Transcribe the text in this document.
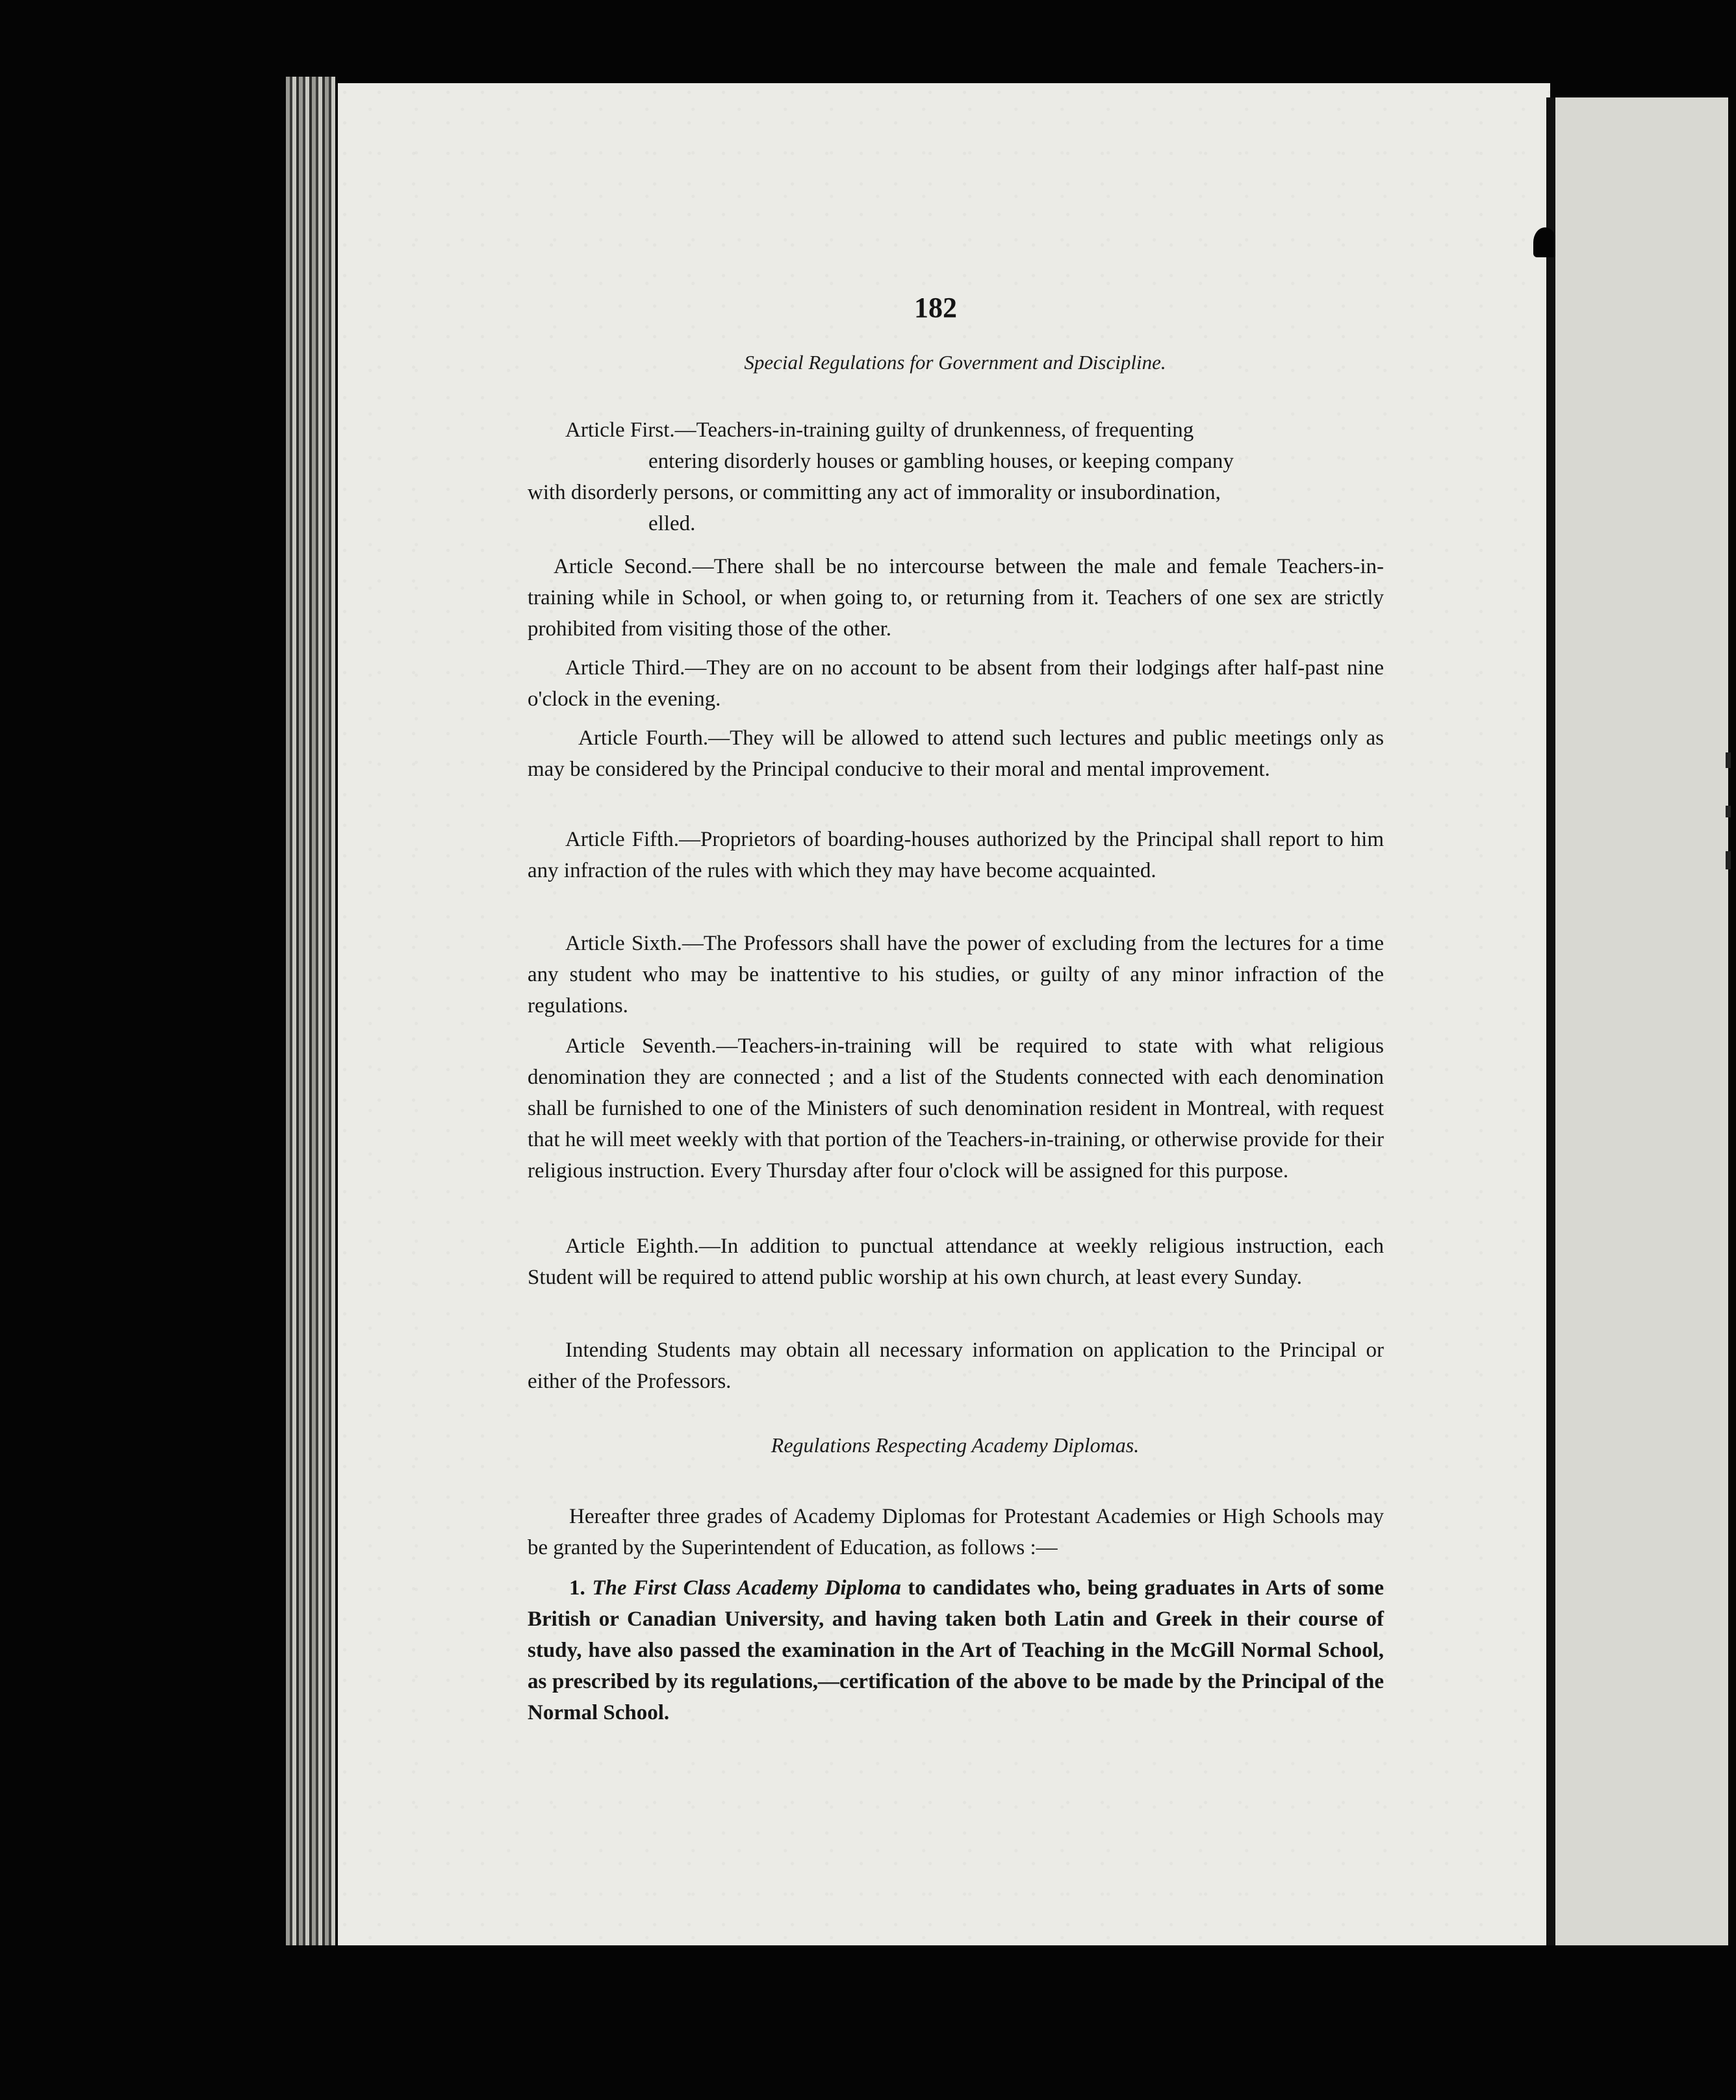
182
Special Regulations for Government and Discipline.
Article First.—Teachers-in-training guilty of drunkenness, of frequenting
entering disorderly houses or gambling houses, or keeping company
with disorderly persons, or committing any act of immorality or insubordination,
elled.
Article Second.—There shall be no intercourse between the male and female Teachers-in-training while in School, or when going to, or returning from it. Teachers of one sex are strictly prohibited from visiting those of the other.
Article Third.—They are on no account to be absent from their lodgings after half-past nine o'clock in the evening.
Article Fourth.—They will be allowed to attend such lectures and public meetings only as may be considered by the Principal conducive to their moral and mental improvement.
Article Fifth.—Proprietors of boarding-houses authorized by the Principal shall report to him any infraction of the rules with which they may have become acquainted.
Article Sixth.—The Professors shall have the power of excluding from the lectures for a time any student who may be inattentive to his studies, or guilty of any minor infraction of the regulations.
Article Seventh.—Teachers-in-training will be required to state with what religious denomination they are connected ; and a list of the Students connected with each denomination shall be furnished to one of the Ministers of such denomination resident in Montreal, with request that he will meet weekly with that portion of the Teachers-in-training, or otherwise provide for their religious instruction. Every Thursday after four o'clock will be assigned for this purpose.
Article Eighth.—In addition to punctual attendance at weekly religious instruction, each Student will be required to attend public worship at his own church, at least every Sunday.
Intending Students may obtain all necessary information on application to the Principal or either of the Professors.
Regulations Respecting Academy Diplomas.
Hereafter three grades of Academy Diplomas for Protestant Academies or High Schools may be granted by the Superintendent of Education, as follows :—
1. The First Class Academy Diploma to candidates who, being graduates in Arts of some British or Canadian University, and having taken both Latin and Greek in their course of study, have also passed the examination in the Art of Teaching in the McGill Normal School, as prescribed by its regulations,—certification of the above to be made by the Principal of the Normal School.
